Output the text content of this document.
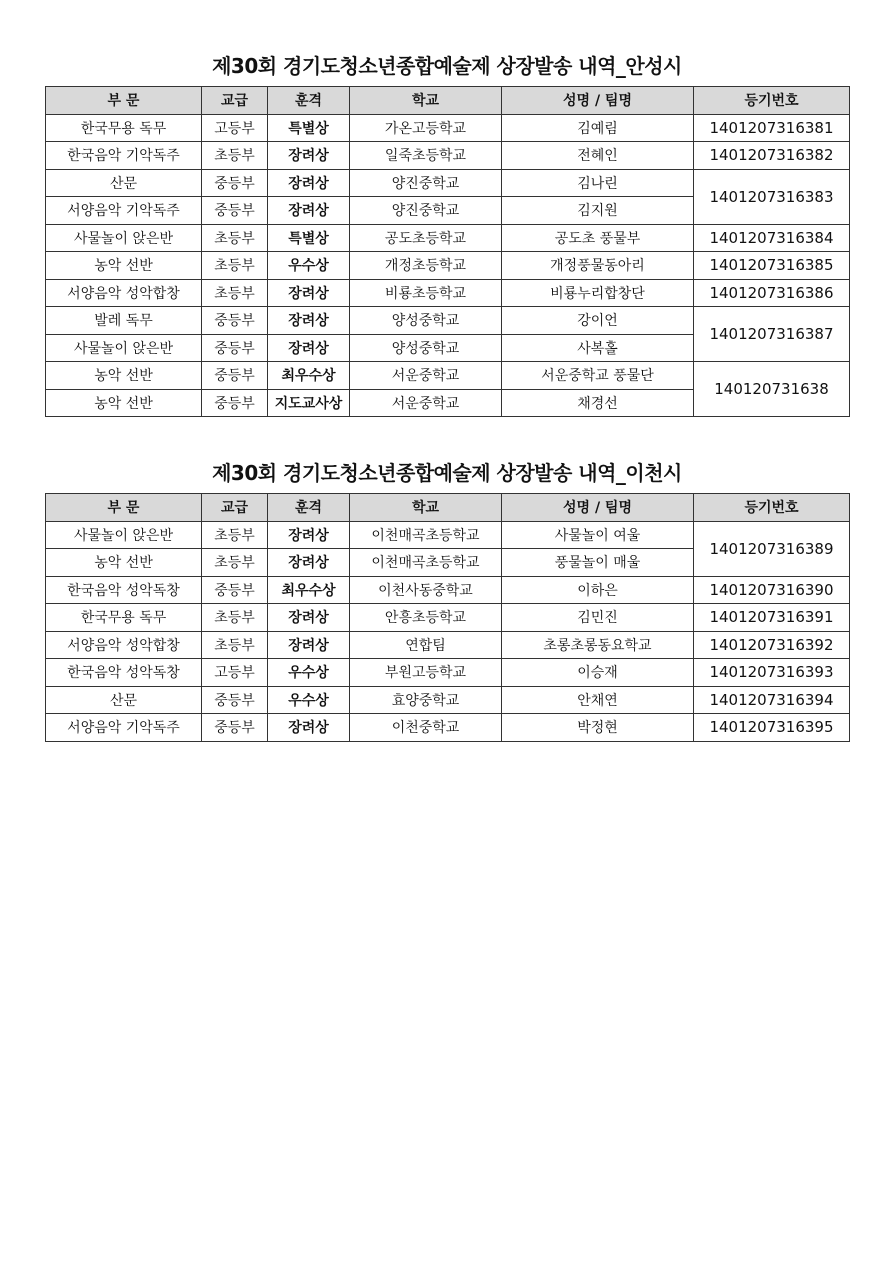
제30회 경기도청소년종합예술제 상장발송 내역_안성시
부 문	교급	훈격	학교	성명 / 팀명	등기번호
한국무용 독무	고등부	특별상	가온고등학교	김예림	1401207316381
한국음악 기악독주	초등부	장려상	일죽초등학교	전혜인	1401207316382
산문	중등부	장려상	양진중학교	김나린	1401207316383
서양음악 기악독주	중등부	장려상	양진중학교	김지원	
사물놀이 앉은반	초등부	특별상	공도초등학교	공도초 풍물부	1401207316384
농악 선반	초등부	우수상	개정초등학교	개정풍물동아리	1401207316385
서양음악 성악합창	초등부	장려상	비룡초등학교	비룡누리합창단	1401207316386
발레 독무	중등부	장려상	양성중학교	강이언	1401207316387
사물놀이 앉은반	중등부	장려상	양성중학교	사복홀	
농악 선반	중등부	최우수상	서운중학교	서운중학교 풍물단	140120731638
농악 선반	중등부	지도교사상	서운중학교	채경선	
제30회 경기도청소년종합예술제 상장발송 내역_이천시
부 문	교급	훈격	학교	성명 / 팀명	등기번호
사물놀이 앉은반	초등부	장려상	이천매곡초등학교	사물놀이 여울	1401207316389
농악 선반	초등부	장려상	이천매곡초등학교	풍물놀이 매울	
한국음악 성악독창	중등부	최우수상	이천사동중학교	이하은	1401207316390
한국무용 독무	초등부	장려상	안흥초등학교	김민진	1401207316391
서양음악 성악합창	초등부	장려상	연합팀	초롱초롱동요학교	1401207316392
한국음악 성악독창	고등부	우수상	부원고등학교	이승재	1401207316393
산문	중등부	우수상	효양중학교	안채연	1401207316394
서양음악 기악독주	중등부	장려상	이천중학교	박정현	1401207316395
